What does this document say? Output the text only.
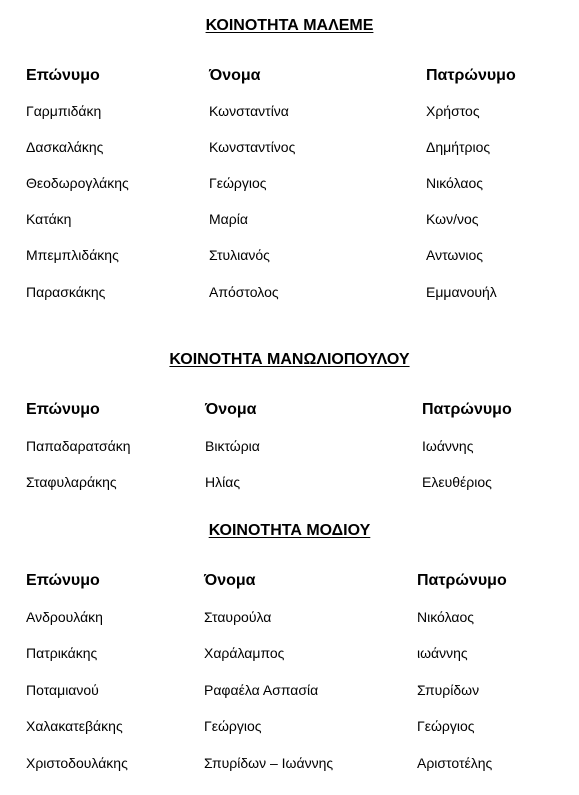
ΚΟΙΝΟΤΗΤΑ ΜΑΛΕΜΕ
Επώνυμο	Όνομα	Πατρώνυμο
Γαρμπιδάκη	Κωνσταντίνα	Χρήστος
Δασκαλάκης	Κωνσταντίνος	Δημήτριος
Θεοδωρογλάκης	Γεώργιος	Νικόλαος
Κατάκη	Μαρία	Κων/νος
Μπεμπλιδάκης	Στυλιανός	Αντωνιος
Παρασκάκης	Απόστολος	Εμμανουήλ
ΚΟΙΝΟΤΗΤΑ ΜΑΝΩΛΙΟΠΟΥΛΟΥ
Επώνυμο	Όνομα	Πατρώνυμο
Παπαδαρατσάκη	Βικτώρια	Ιωάννης
Σταφυλαράκης	Ηλίας	Ελευθέριος
ΚΟΙΝΟΤΗΤΑ ΜΟΔΙΟΥ
Επώνυμο	Όνομα	Πατρώνυμο
Ανδρουλάκη	Σταυρούλα	Νικόλαος
Πατρικάκης	Χαράλαμπος	ιωάννης
Ποταμιανού	Ραφαέλα Ασπασία	Σπυρίδων
Χαλακατεβάκης	Γεώργιος	Γεώργιος
Χριστοδουλάκης	Σπυρίδων – Ιωάννης	Αριστοτέλης
